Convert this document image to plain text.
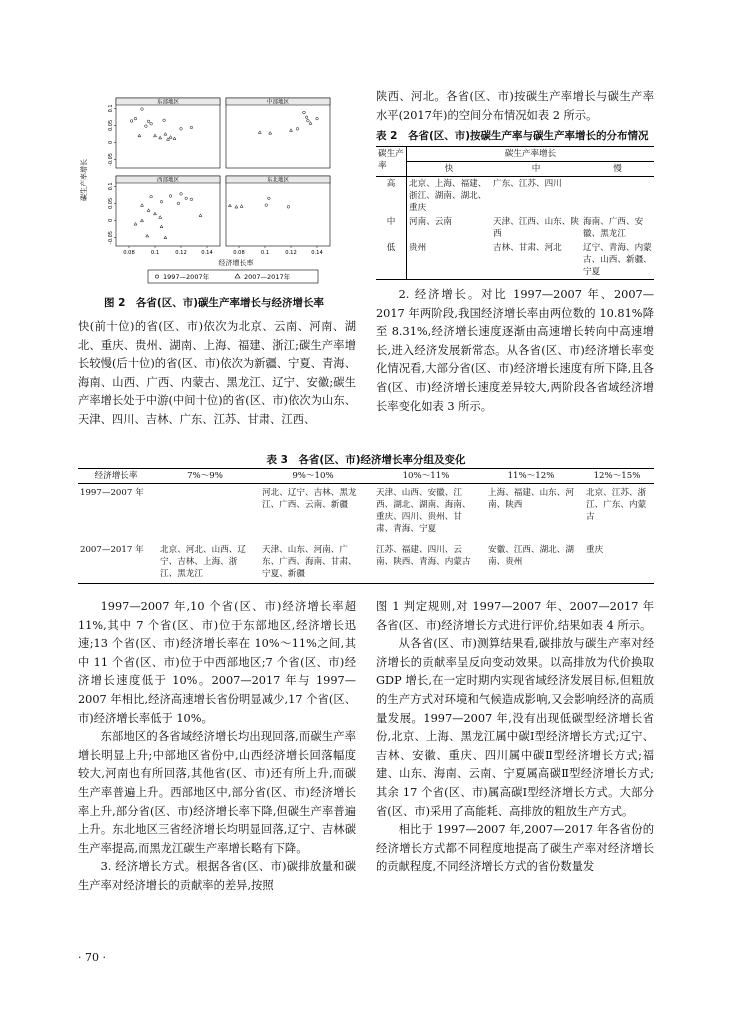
碳生产率增长
经济增长率
1997—2007年	2007—2017年
东部地区
-0.05
0
0.05
0.1
中部地区
西部地区
-0.05
0
0.05
0.1
0.08	0.1	0.12	0.14
东北地区
0.08	0.1	0.12	0.14
图 2　各省(区、市)碳生产率增长与经济增长率
快(前十位)的省(区、市)依次为北京、云南、河南、湖北、重庆、贵州、湖南、上海、福建、浙江;碳生产率增长较慢(后十位)的省(区、市)依次为新疆、宁夏、青海、海南、山西、广西、内蒙古、黑龙江、辽宁、安徽;碳生产率增长处于中游(中间十位)的省(区、市)依次为山东、天津、四川、吉林、广东、江苏、甘肃、江西、
陕西、河北。各省(区、市)按碳生产率增长与碳生产率水平(2017年)的空间分布情况如表 2 所示。
表 2　各省(区、市)按碳生产率与碳生产率增长的分布情况
碳生产率	碳生产率增长		
	快	中	慢
高	北京、上海、福建、浙江、湖南、湖北、重庆	广东、江苏、四川	
中	河南、云南	天津、江西、山东、陕西	海南、广西、安徽、黑龙江
低	贵州	吉林、甘肃、河北	辽宁、青海、内蒙古、山西、新疆、宁夏
2. 经济增长。对比 1997—2007 年、2007—2017 年两阶段,我国经济增长率由两位数的 10.81%降至 8.31%,经济增长速度逐渐由高速增长转向中高速增长,进入经济发展新常态。从各省(区、市)经济增长率变化情况看,大部分省(区、市)经济增长速度有所下降,且各省(区、市)经济增长速度差异较大,两阶段各省域经济增长率变化如表 3 所示。
表 3　各省(区、市)经济增长率分组及变化
经济增长率	7%～9%	9%～10%	10%～11%	11%～12%	12%～15%
1997—2007 年		河北、辽宁、吉林、黑龙江、广西、云南、新疆	天津、山西、安徽、江西、湖北、湖南、海南、重庆、四川、贵州、甘肃、青海、宁夏	上海、福建、山东、河南、陕西	北京、江苏、浙江、广东、内蒙古
2007—2017 年	北京、河北、山西、辽宁、吉林、上海、浙江、黑龙江	天津、山东、河南、广东、广西、海南、甘肃、宁夏、新疆	江苏、福建、四川、云南、陕西、青海、内蒙古	安徽、江西、湖北、湖南、贵州	重庆
1997—2007 年,10 个省(区、市)经济增长率超 11%,其中 7 个省(区、市)位于东部地区,经济增长迅速;13 个省(区、市)经济增长率在 10%～11%之间,其中 11 个省(区、市)位于中西部地区;7 个省(区、市)经济增长速度低于 10%。2007—2017 年与 1997—2007 年相比,经济高速增长省份明显减少,17 个省(区、市)经济增长率低于 10%。
东部地区的各省域经济增长均出现回落,而碳生产率增长明显上升;中部地区省份中,山西经济增长回落幅度较大,河南也有所回落,其他省(区、市)还有所上升,而碳生产率普遍上升。西部地区中,部分省(区、市)经济增长率上升,部分省(区、市)经济增长率下降,但碳生产率普遍上升。东北地区三省经济增长均明显回落,辽宁、吉林碳生产率提高,而黑龙江碳生产率增长略有下降。
3. 经济增长方式。根据各省(区、市)碳排放量和碳生产率对经济增长的贡献率的差异,按照
图 1 判定规则,对 1997—2007 年、2007—2017 年各省(区、市)经济增长方式进行评价,结果如表 4 所示。
从各省(区、市)测算结果看,碳排放与碳生产率对经济增长的贡献率呈反向变动效果。以高排放为代价换取 GDP 增长,在一定时期内实现省域经济发展目标,但粗放的生产方式对环境和气候造成影响,又会影响经济的高质量发展。1997—2007 年,没有出现低碳型经济增长省份,北京、上海、黑龙江属中碳Ⅰ型经济增长方式;辽宁、吉林、安徽、重庆、四川属中碳Ⅱ型经济增长方式;福建、山东、海南、云南、宁夏属高碳Ⅱ型经济增长方式;其余 17 个省(区、市)属高碳Ⅰ型经济增长方式。大部分省(区、市)采用了高能耗、高排放的粗放生产方式。
相比于 1997—2007 年,2007—2017 年各省份的经济增长方式都不同程度地提高了碳生产率对经济增长的贡献程度,不同经济增长方式的省份数量发
· 70 ·
